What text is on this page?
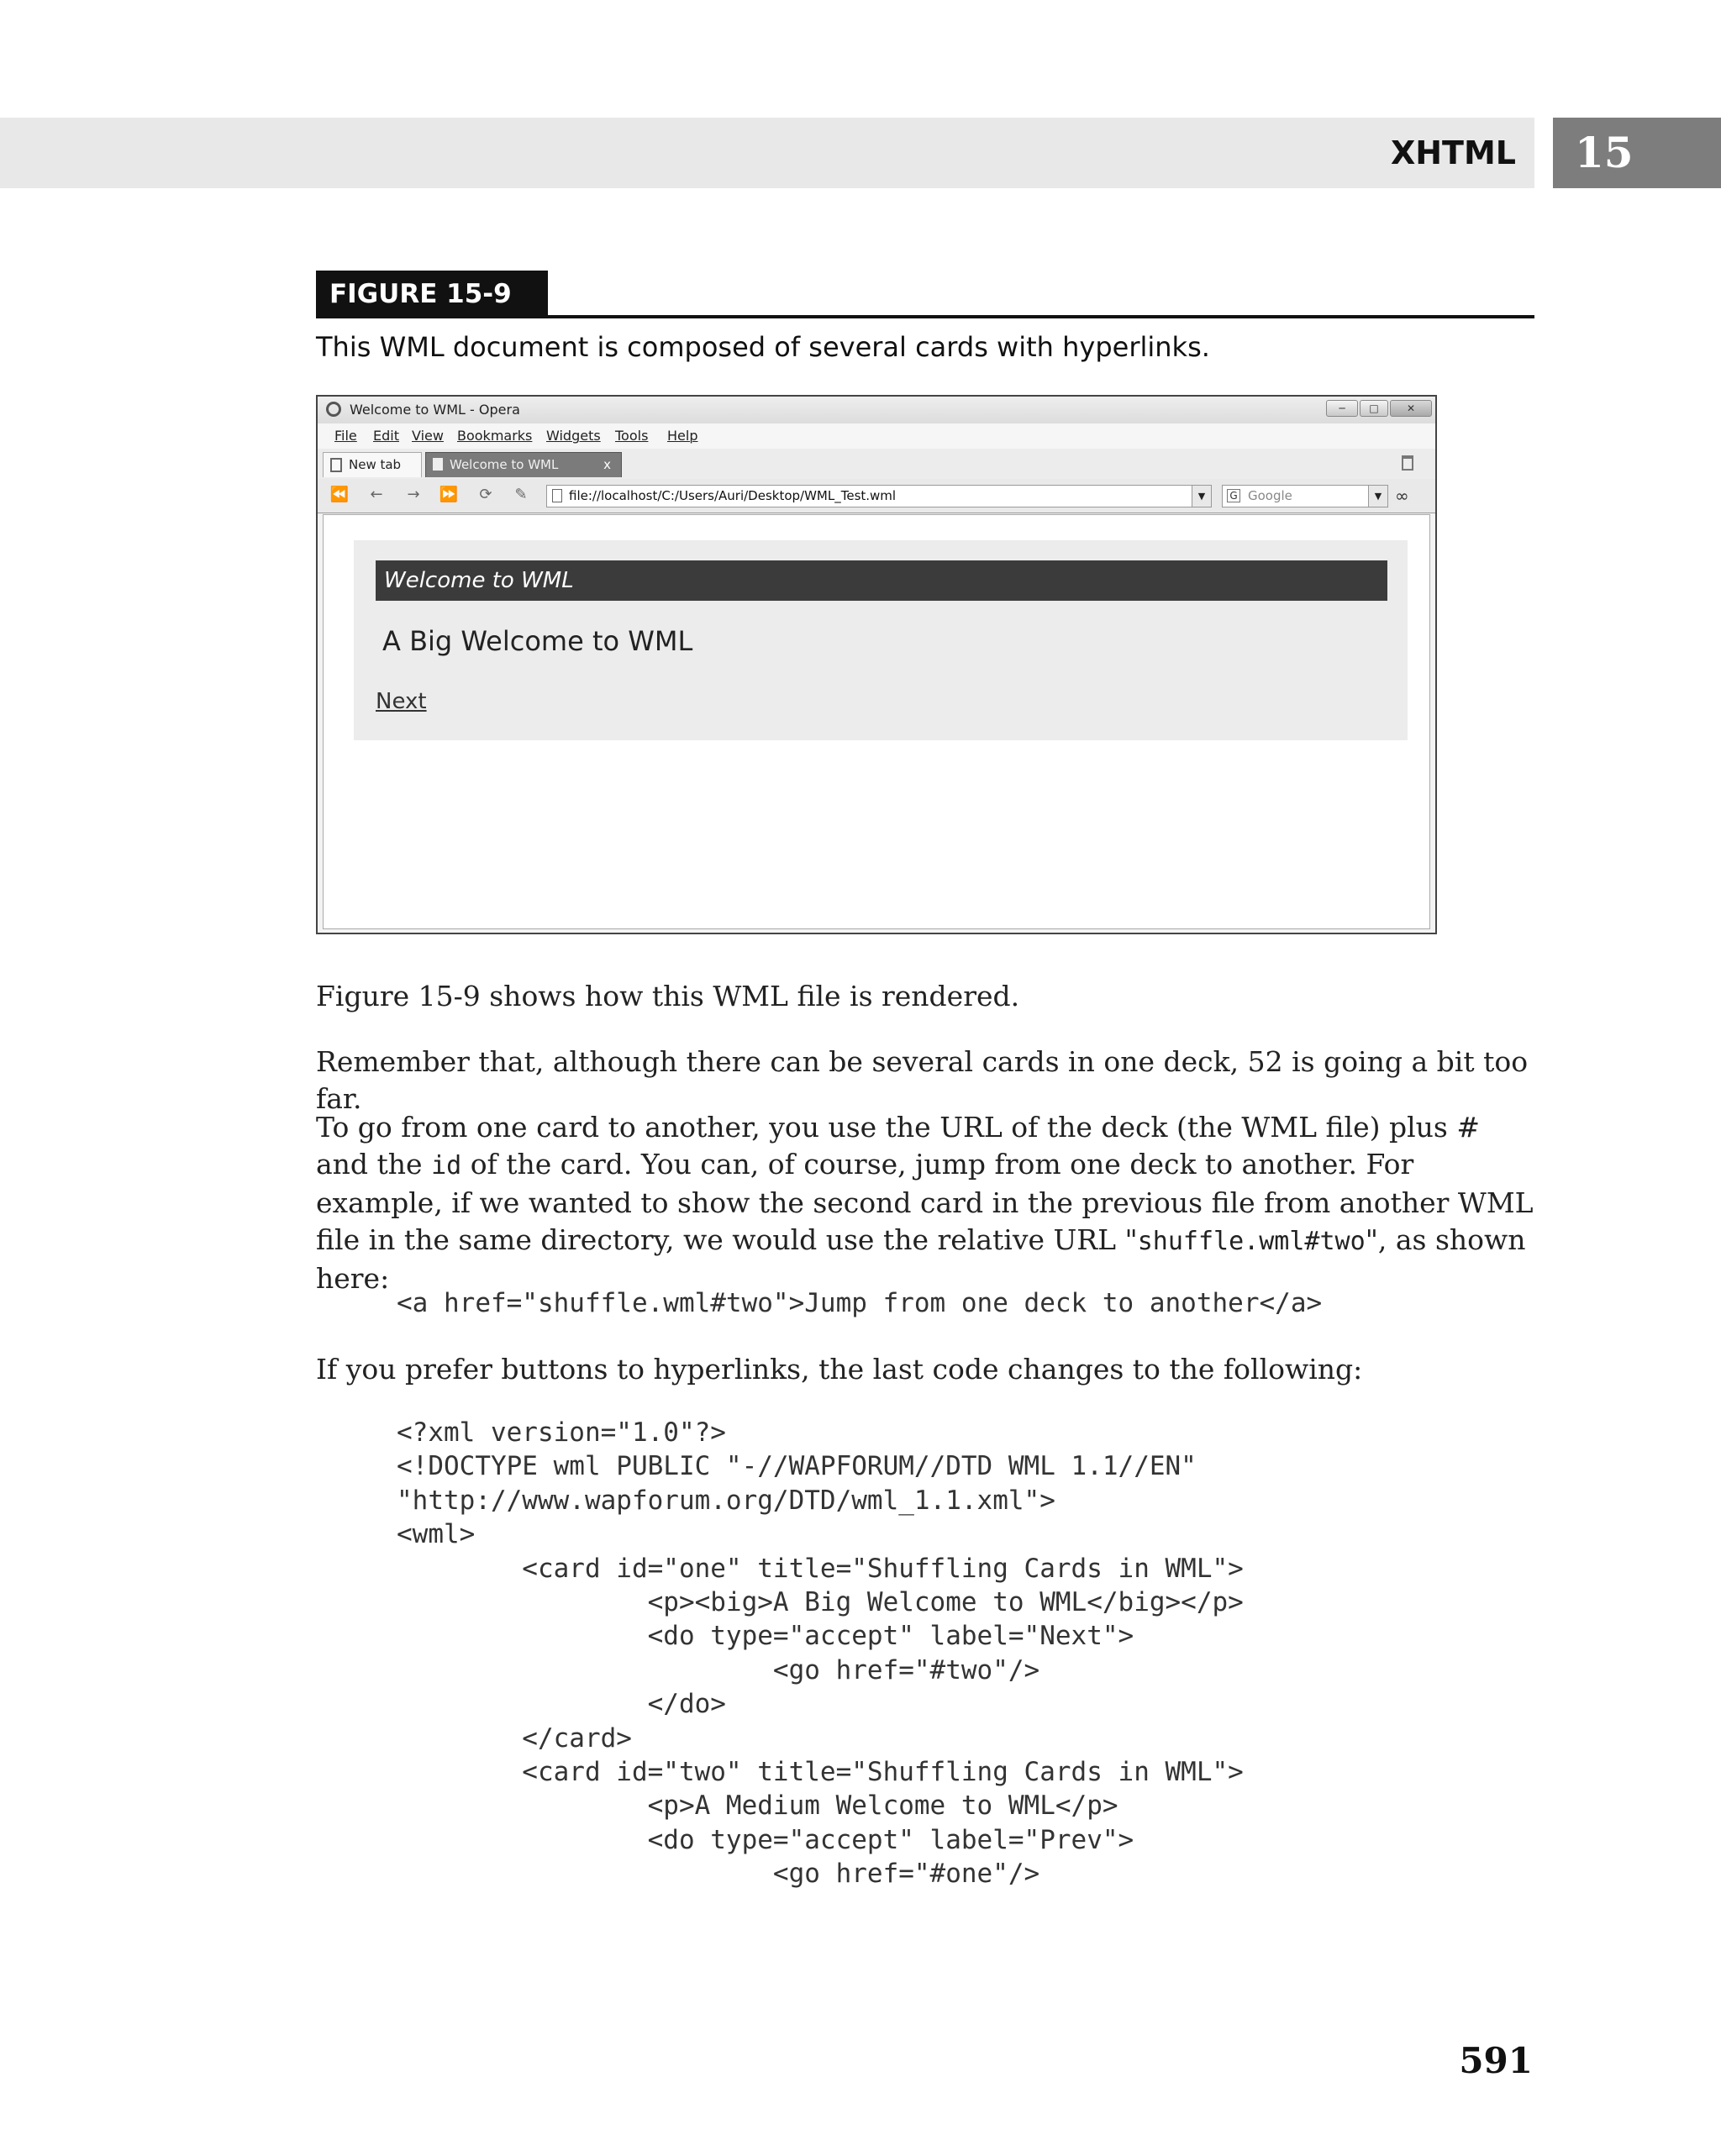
XHTML	15
FIGURE 15-9
This WML document is composed of several cards with hyperlinks.
Welcome to WML - Opera	─	□	✕
File Edit View Bookmarks Widgets Tools Help
New tab	Welcome to WML	x
⏪ ← → ⏩ ⟳ ✎	file://localhost/C:/Users/Auri/Desktop/WML_Test.wml	▼	G Google	▼ ∞
Welcome to WML
A Big Welcome to WML
Next
Figure 15-9 shows how this WML file is rendered.
Remember that, although there can be several cards in one deck, 52 is going a bit too far.
To go from one card to another, you use the URL of the deck (the WML file) plus # and the id of the card. You can, of course, jump from one deck to another. For example, if we wanted to show the second card in the previous file from another WML file in the same directory, we would use the relative URL "shuffle.wml#two", as shown here:
<a href="shuffle.wml#two">Jump from one deck to another</a>
If you prefer buttons to hyperlinks, the last code changes to the following:
<?xml version="1.0"?>
<!DOCTYPE wml PUBLIC "-//WAPFORUM//DTD WML 1.1//EN"
"http://www.wapforum.org/DTD/wml_1.1.xml">
<wml>
<card id="one" title="Shuffling Cards in WML">
<p><big>A Big Welcome to WML</big></p>
<do type="accept" label="Next">
<go href="#two"/>
</do>
</card>
<card id="two" title="Shuffling Cards in WML">
<p>A Medium Welcome to WML</p>
<do type="accept" label="Prev">
<go href="#one"/>
591
